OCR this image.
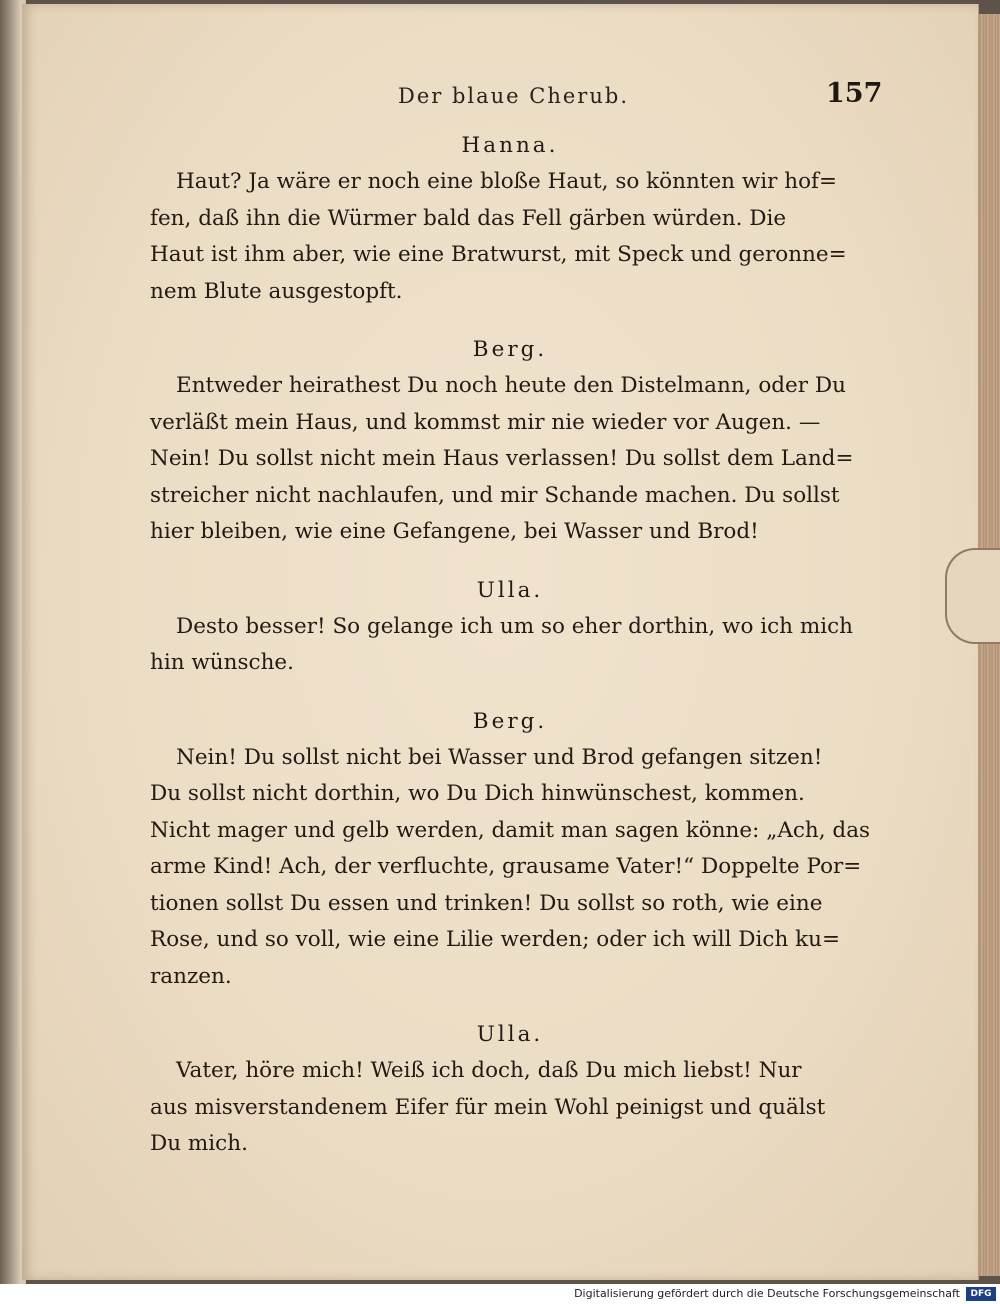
Der blaue Cherub.	157
Hanna.
Haut? Ja wäre er noch eine bloße Haut, so könnten wir hof=
fen, daß ihn die Würmer bald das Fell gärben würden. Die
Haut ist ihm aber, wie eine Bratwurst, mit Speck und geronne=
nem Blute ausgestopft.
Berg.
Entweder heirathest Du noch heute den Distelmann, oder Du
verläßt mein Haus, und kommst mir nie wieder vor Augen. —
Nein! Du sollst nicht mein Haus verlassen! Du sollst dem Land=
streicher nicht nachlaufen, und mir Schande machen. Du sollst
hier bleiben, wie eine Gefangene, bei Wasser und Brod!
Ulla.
Desto besser! So gelange ich um so eher dorthin, wo ich mich
hin wünsche.
Berg.
Nein! Du sollst nicht bei Wasser und Brod gefangen sitzen!
Du sollst nicht dorthin, wo Du Dich hinwünschest, kommen.
Nicht mager und gelb werden, damit man sagen könne: „Ach, das
arme Kind! Ach, der verfluchte, grausame Vater!“ Doppelte Por=
tionen sollst Du essen und trinken! Du sollst so roth, wie eine
Rose, und so voll, wie eine Lilie werden; oder ich will Dich ku=
ranzen.
Ulla.
Vater, höre mich! Weiß ich doch, daß Du mich liebst! Nur
aus misverstandenem Eifer für mein Wohl peinigst und quälst
Du mich.
Digitalisierung gefördert durch die Deutsche Forschungsgemeinschaft	DFG
